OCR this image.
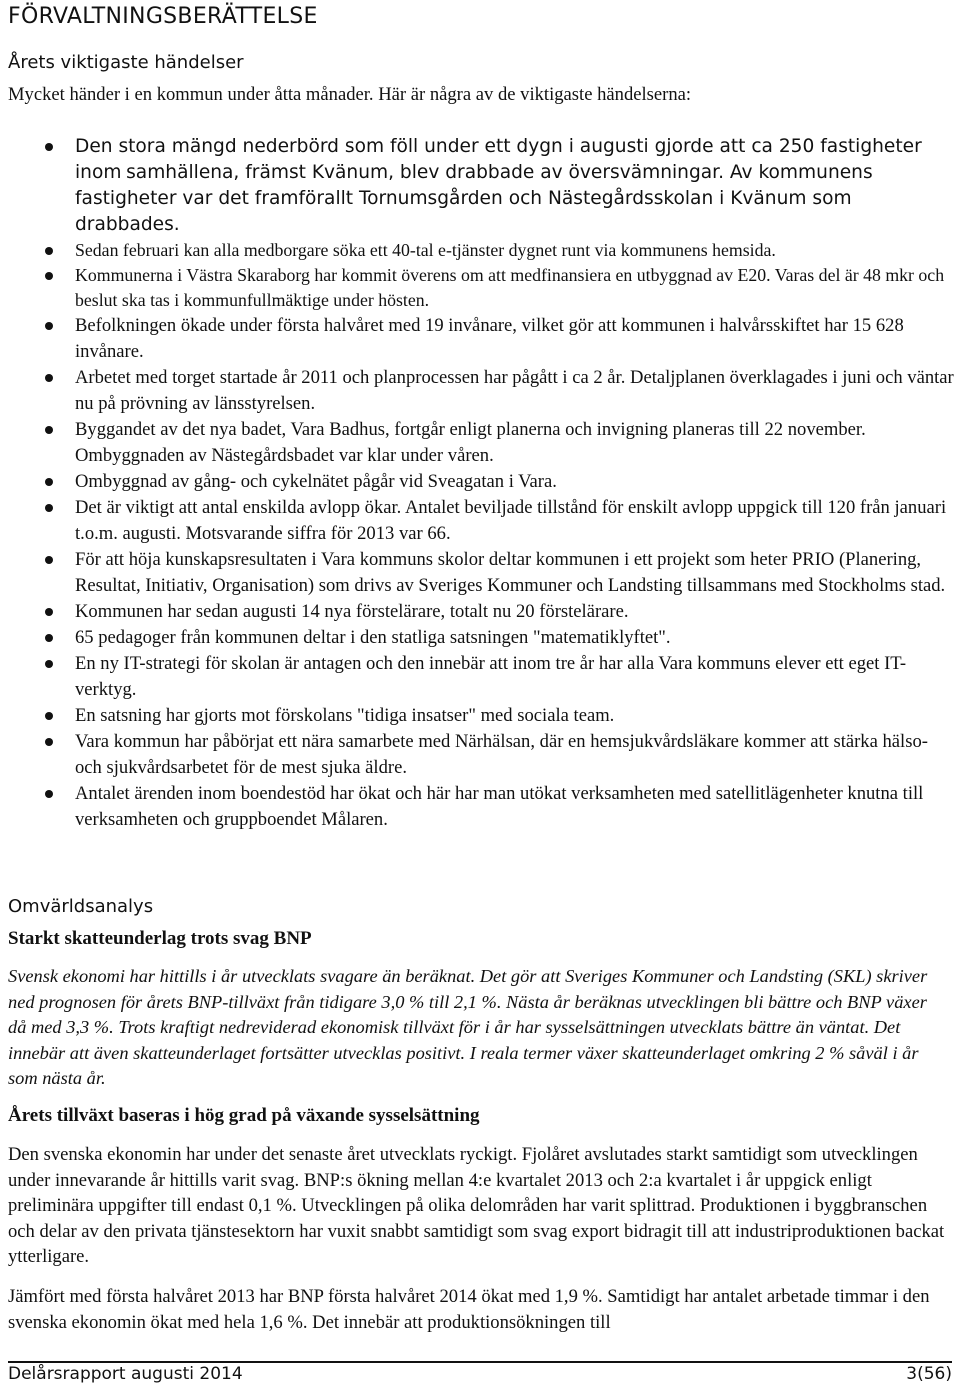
FÖRVALTNINGSBERÄTTELSE
Årets viktigaste händelser
Mycket händer i en kommun under åtta månader. Här är några av de viktigaste händelserna:
Den stora mängd nederbörd som föll under ett dygn i augusti gjorde att ca 250 fastigheter inom samhällena, främst Kvänum, blev drabbade av översvämningar. Av kommunens fastigheter var det framförallt Tornumsgården och Nästegårdsskolan i Kvänum som drabbades.
Sedan februari kan alla medborgare söka ett 40-tal e-tjänster dygnet runt via kommunens hemsida.
Kommunerna i Västra Skaraborg har kommit överens om att medfinansiera en utbyggnad av E20. Varas del är 48 mkr och beslut ska tas i kommunfullmäktige under hösten.
Befolkningen ökade under första halvåret med 19 invånare, vilket gör att kommunen i halvårsskiftet har 15 628 invånare.
Arbetet med torget startade år 2011 och planprocessen har pågått i ca 2 år. Detaljplanen överklagades i juni och väntar nu på prövning av länsstyrelsen.
Byggandet av det nya badet, Vara Badhus, fortgår enligt planerna och invigning planeras till 22 november. Ombyggnaden av Nästegårdsbadet var klar under våren.
Ombyggnad av gång- och cykelnätet pågår vid Sveagatan i Vara.
Det är viktigt att antal enskilda avlopp ökar. Antalet beviljade tillstånd för enskilt avlopp uppgick till 120 från januari t.o.m. augusti. Motsvarande siffra för 2013 var 66.
För att höja kunskapsresultaten i Vara kommuns skolor deltar kommunen i ett projekt som heter PRIO (Planering, Resultat, Initiativ, Organisation) som drivs av Sveriges Kommuner och Landsting tillsammans med Stockholms stad.
Kommunen har sedan augusti 14 nya förstelärare, totalt nu 20 förstelärare.
65 pedagoger från kommunen deltar i den statliga satsningen "matematiklyftet".
En ny IT-strategi för skolan är antagen och den innebär att inom tre år har alla Vara kommuns elever ett eget IT-verktyg.
En satsning har gjorts mot förskolans "tidiga insatser" med sociala team.
Vara kommun har påbörjat ett nära samarbete med Närhälsan, där en hemsjukvårdsläkare kommer att stärka hälso- och sjukvårdsarbetet för de mest sjuka äldre.
Antalet ärenden inom boendestöd har ökat och här har man utökat verksamheten med satellitlägenheter knutna till verksamheten och gruppboendet Målaren.
Omvärldsanalys
Starkt skatteunderlag trots svag BNP
Svensk ekonomi har hittills i år utvecklats svagare än beräknat. Det gör att Sveriges Kommuner och Landsting (SKL) skriver ned prognosen för årets BNP-tillväxt från tidigare 3,0 % till 2,1 %. Nästa år beräknas utvecklingen bli bättre och BNP växer då med 3,3 %. Trots kraftigt nedreviderad ekonomisk tillväxt för i år har sysselsättningen utvecklats bättre än väntat. Det innebär att även skatteunderlaget fortsätter utvecklas positivt. I reala termer växer skatteunderlaget omkring 2 % såväl i år som nästa år.
Årets tillväxt baseras i hög grad på växande sysselsättning
Den svenska ekonomin har under det senaste året utvecklats ryckigt. Fjolåret avslutades starkt samtidigt som utvecklingen under innevarande år hittills varit svag. BNP:s ökning mellan 4:e kvartalet 2013 och 2:a kvartalet i år uppgick enligt preliminära uppgifter till endast 0,1 %. Utvecklingen på olika delområden har varit splittrad. Produktionen i byggbranschen och delar av den privata tjänstesektorn har vuxit snabbt samtidigt som svag export bidragit till att industriproduktionen backat ytterligare.
Jämfört med första halvåret 2013 har BNP första halvåret 2014 ökat med 1,9 %. Samtidigt har antalet arbetade timmar i den svenska ekonomin ökat med hela 1,6 %. Det innebär att produktionsökningen till
Delårsrapport augusti 2014	3(56)
